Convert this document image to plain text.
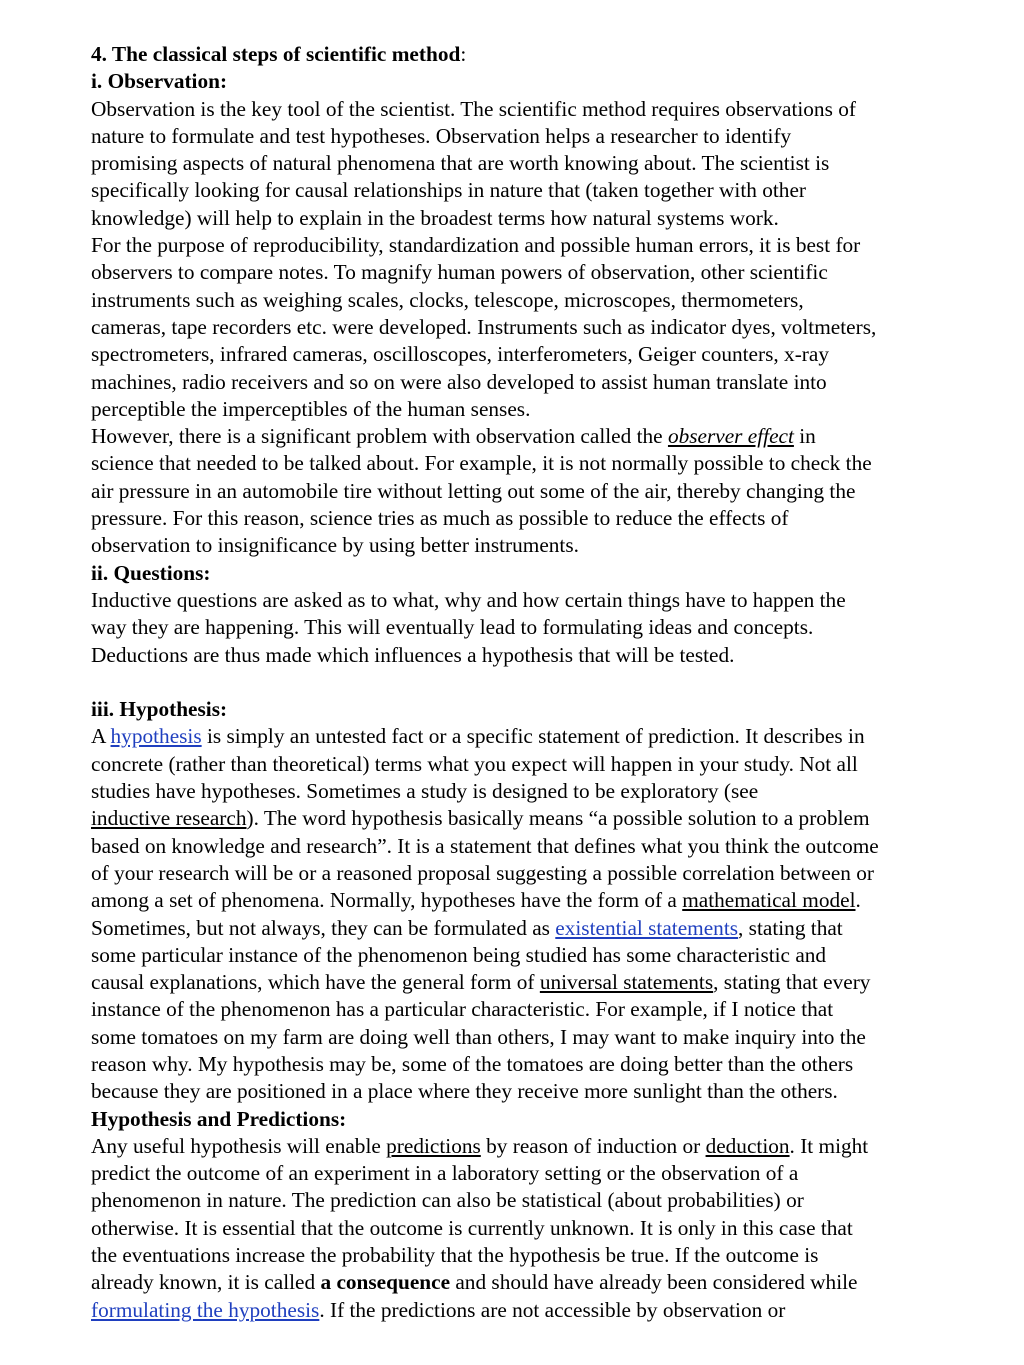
4. The classical steps of scientific method:
i. Observation:
Observation is the key tool of the scientist. The scientific method requires observations of
nature to formulate and test hypotheses. Observation helps a researcher to identify
promising aspects of natural phenomena that are worth knowing about. The scientist is
specifically looking for causal relationships in nature that (taken together with other
knowledge) will help to explain in the broadest terms how natural systems work.
For the purpose of reproducibility, standardization and possible human errors, it is best for
observers to compare notes. To magnify human powers of observation, other scientific
instruments such as weighing scales, clocks, telescope, microscopes, thermometers,
cameras, tape recorders etc. were developed. Instruments such as indicator dyes, voltmeters,
spectrometers, infrared cameras, oscilloscopes, interferometers, Geiger counters, x-ray
machines, radio receivers and so on were also developed to assist human translate into
perceptible the imperceptibles of the human senses.
However, there is a significant problem with observation called the observer effect in
science that needed to be talked about. For example, it is not normally possible to check the
air pressure in an automobile tire without letting out some of the air, thereby changing the
pressure. For this reason, science tries as much as possible to reduce the effects of
observation to insignificance by using better instruments.
ii. Questions:
Inductive questions are asked as to what, why and how certain things have to happen the
way they are happening. This will eventually lead to formulating ideas and concepts.
Deductions are thus made which influences a hypothesis that will be tested.
iii. Hypothesis:
A hypothesis is simply an untested fact or a specific statement of prediction. It describes in
concrete (rather than theoretical) terms what you expect will happen in your study. Not all
studies have hypotheses. Sometimes a study is designed to be exploratory (see
inductive research). The word hypothesis basically means “a possible solution to a problem
based on knowledge and research”. It is a statement that defines what you think the outcome
of your research will be or a reasoned proposal suggesting a possible correlation between or
among a set of phenomena. Normally, hypotheses have the form of a mathematical model.
Sometimes, but not always, they can be formulated as existential statements, stating that
some particular instance of the phenomenon being studied has some characteristic and
causal explanations, which have the general form of universal statements, stating that every
instance of the phenomenon has a particular characteristic. For example, if I notice that
some tomatoes on my farm are doing well than others, I may want to make inquiry into the
reason why. My hypothesis may be, some of the tomatoes are doing better than the others
because they are positioned in a place where they receive more sunlight than the others.
Hypothesis and Predictions:
Any useful hypothesis will enable predictions by reason of induction or deduction. It might
predict the outcome of an experiment in a laboratory setting or the observation of a
phenomenon in nature. The prediction can also be statistical (about probabilities) or
otherwise. It is essential that the outcome is currently unknown. It is only in this case that
the eventuations increase the probability that the hypothesis be true. If the outcome is
already known, it is called a consequence and should have already been considered while
formulating the hypothesis. If the predictions are not accessible by observation or
